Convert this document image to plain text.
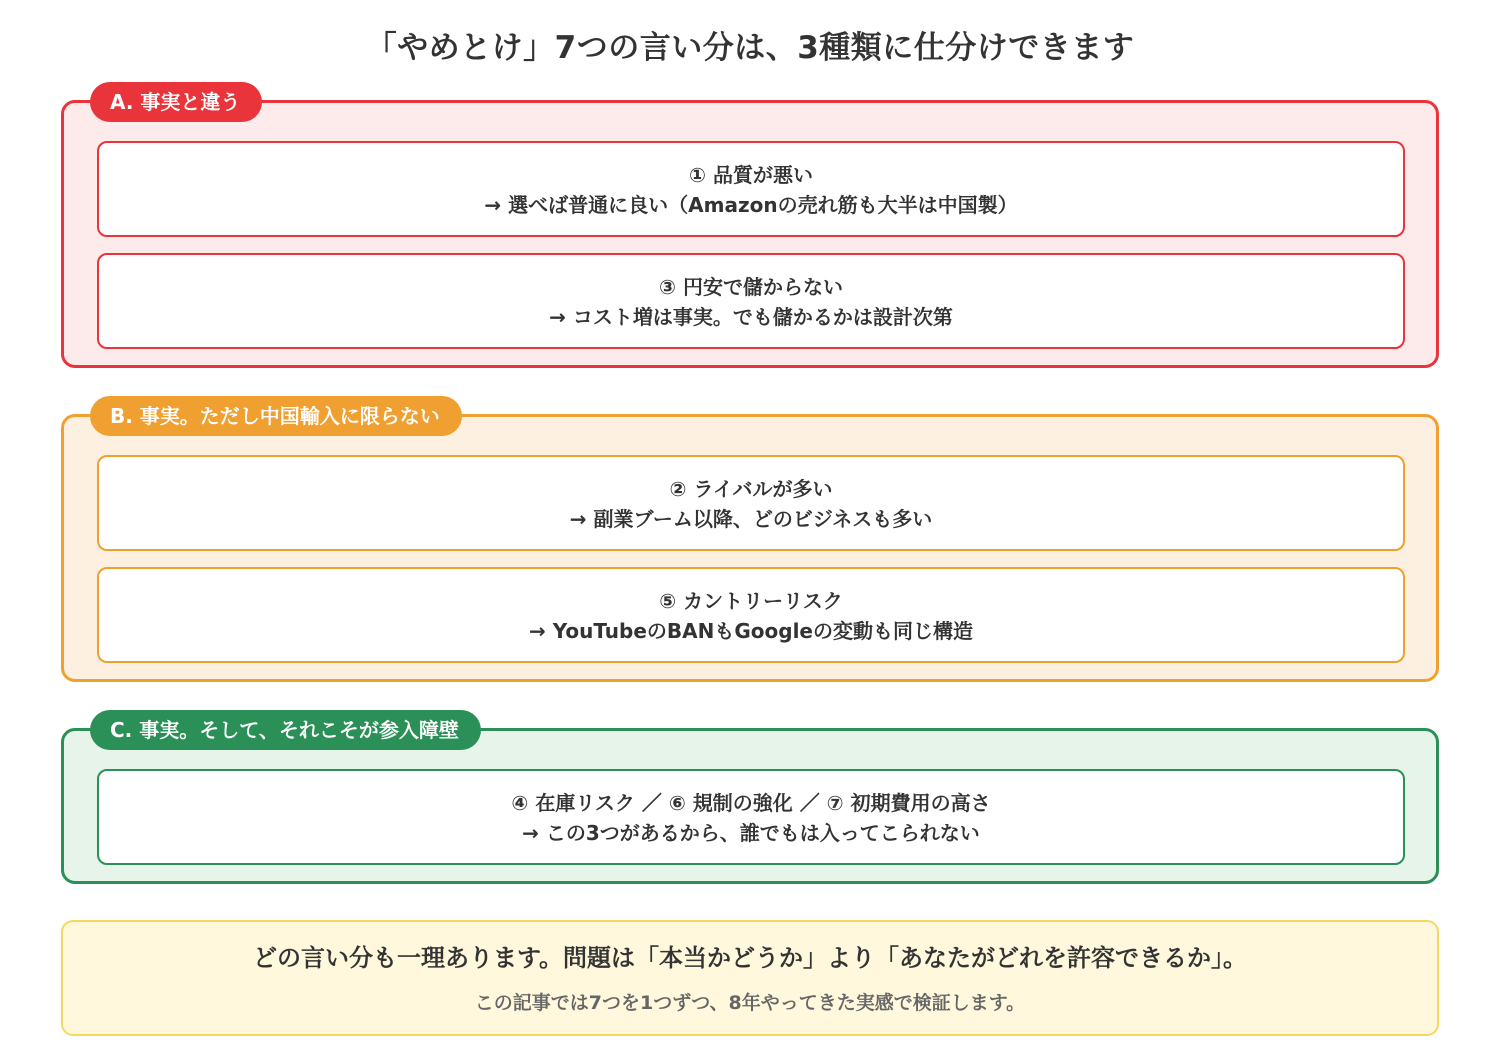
「やめとけ」7つの言い分は、3種類に仕分けできます
A. 事実と違う
① 品質が悪い
→ 選べば普通に良い（Amazonの売れ筋も大半は中国製）
③ 円安で儲からない
→ コスト増は事実。でも儲かるかは設計次第
B. 事実。ただし中国輸入に限らない
② ライバルが多い
→ 副業ブーム以降、どのビジネスも多い
⑤ カントリーリスク
→ YouTubeのBANもGoogleの変動も同じ構造
C. 事実。そして、それこそが参入障壁
④ 在庫リスク ／ ⑥ 規制の強化 ／ ⑦ 初期費用の高さ
→ この3つがあるから、誰でもは入ってこられない
どの言い分も一理あります。問題は「本当かどうか」より「あなたがどれを許容できるか」。
この記事では7つを1つずつ、8年やってきた実感で検証します。
